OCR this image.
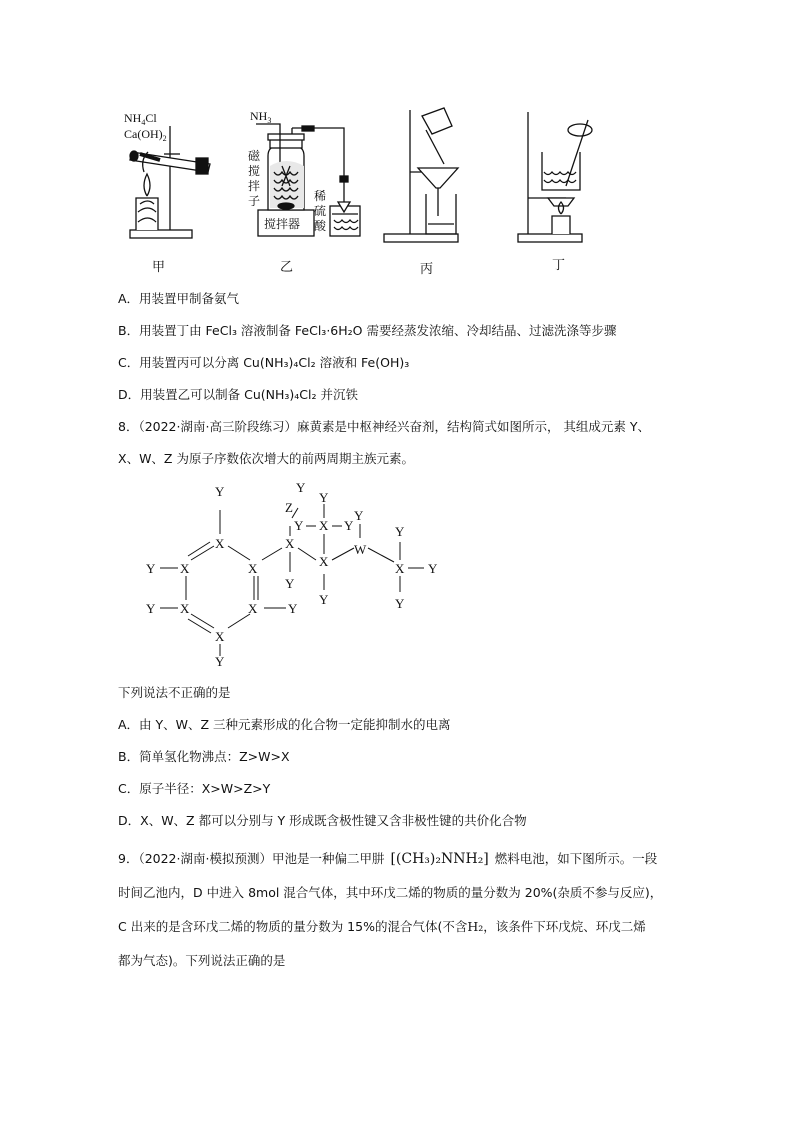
$NH_4Cl$
$Ca(OH)_2$
$NH_3$
磁
搅
拌
子	稀
硫
酸
搅拌器
甲	乙	丙	丁
A．用装置甲制备氨气
B．用装置丁由 FeCl₃ 溶液制备 FeCl₃·6H₂O 需要经蒸发浓缩、冷却结晶、过滤洗涤等步骤
C．用装置丙可以分离 Cu(NH₃)₄Cl₂ 溶液和 Fe(OH)₃
D．用装置乙可以制备 Cu(NH₃)₄Cl₂ 并沉铁
8．（2022·湖南·高三阶段练习）麻黄素是中枢神经兴奋剂，结构简式如图所示， 其组成元素 Y、
X、W、Z 为原子序数依次增大的前两周期主族元素。
Y
X
Y X	X
Y X	X Y
X
Y
Y
Z
X
Y
Y
Y
X Y
X
Y
Y
W
Y
X Y
Y
下列说法不正确的是
A．由 Y、W、Z 三种元素形成的化合物一定能抑制水的电离
B．简单氢化物沸点：Z>W>X
C．原子半径：X>W>Z>Y
D．X、W、Z 都可以分别与 Y 形成既含极性键又含非极性键的共价化合物
9．（2022·湖南·模拟预测）甲池是一种偏二甲肼 [(CH₃)₂NNH₂] 燃料电池，如下图所示。一段
时间乙池内，D 中进入 8mol 混合气体，其中环戊二烯的物质的量分数为 20%(杂质不参与反应)，
C 出来的是含环戊二烯的物质的量分数为 15%的混合气体(不含H₂，该条件下环戊烷、环戊二烯
都为气态)。下列说法正确的是
